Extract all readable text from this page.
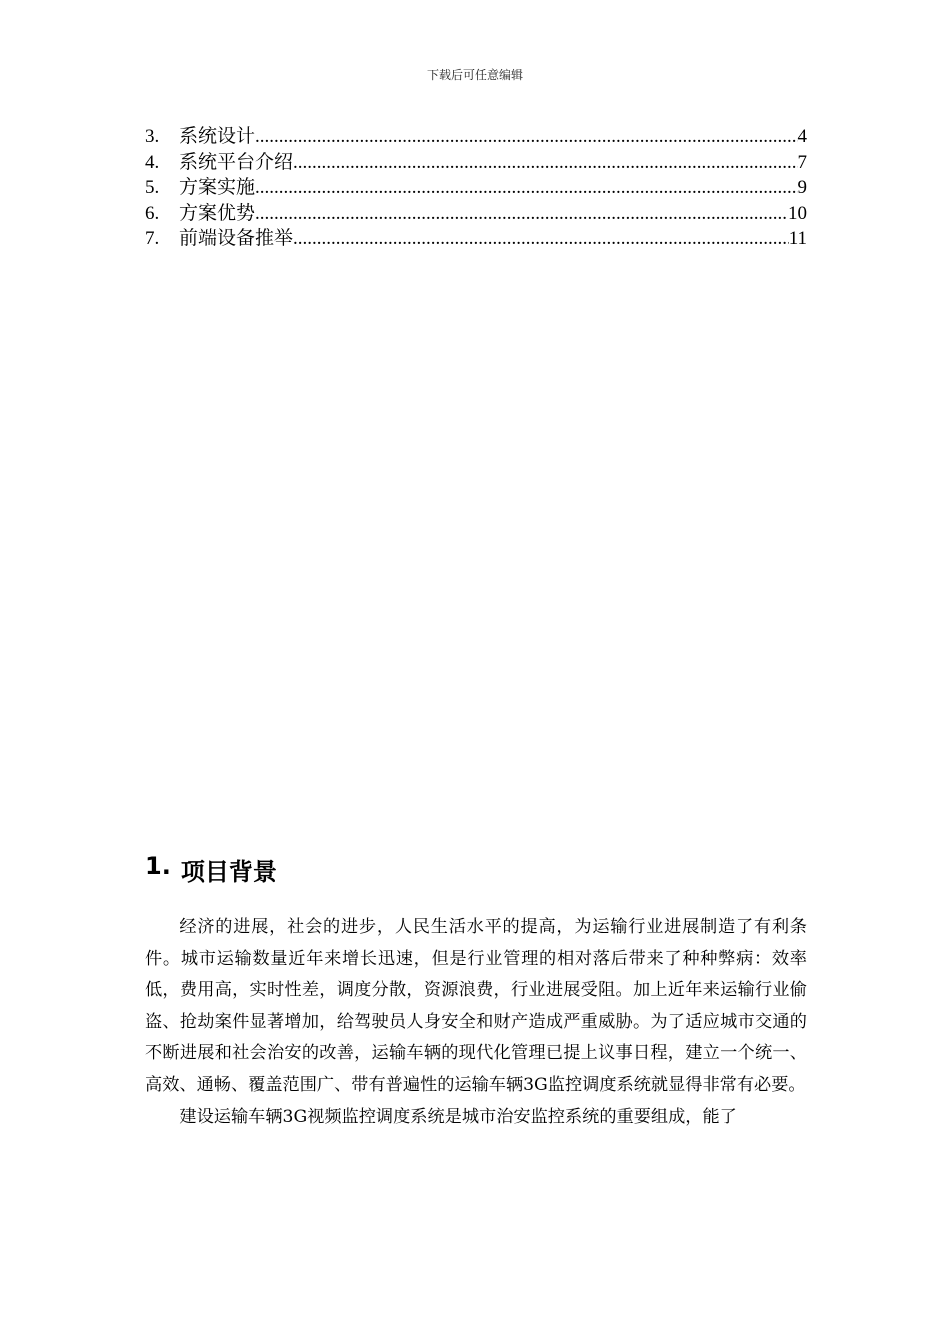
下载后可任意编辑
3.	系统设计 .....	4
4.	系统平台介绍 .....	7
5.	方案实施 .....	9
6.	方案优势 .....	10
7.	前端设备推举 .....	11
1. 项目背景

经济的进展，社会的进步，人民生活水平的提高，为运输行业进展制造了有利条件。城市运输数量近年来增长迅速，但是行业管理的相对落后带来了种种弊病：效率低，费用高，实时性差，调度分散，资源浪费，行业进展受阻。加上近年来运输行业偷盗、抢劫案件显著增加，给驾驶员人身安全和财产造成严重威胁。为了适应城市交通的不断进展和社会治安的改善，运输车辆的现代化管理已提上议事日程，建立一个统一、高效、通畅、覆盖范围广、带有普遍性的运输车辆3G监控调度系统就显得非常有必要。

建设运输车辆3G视频监控调度系统是城市治安监控系统的重要组成，能了
